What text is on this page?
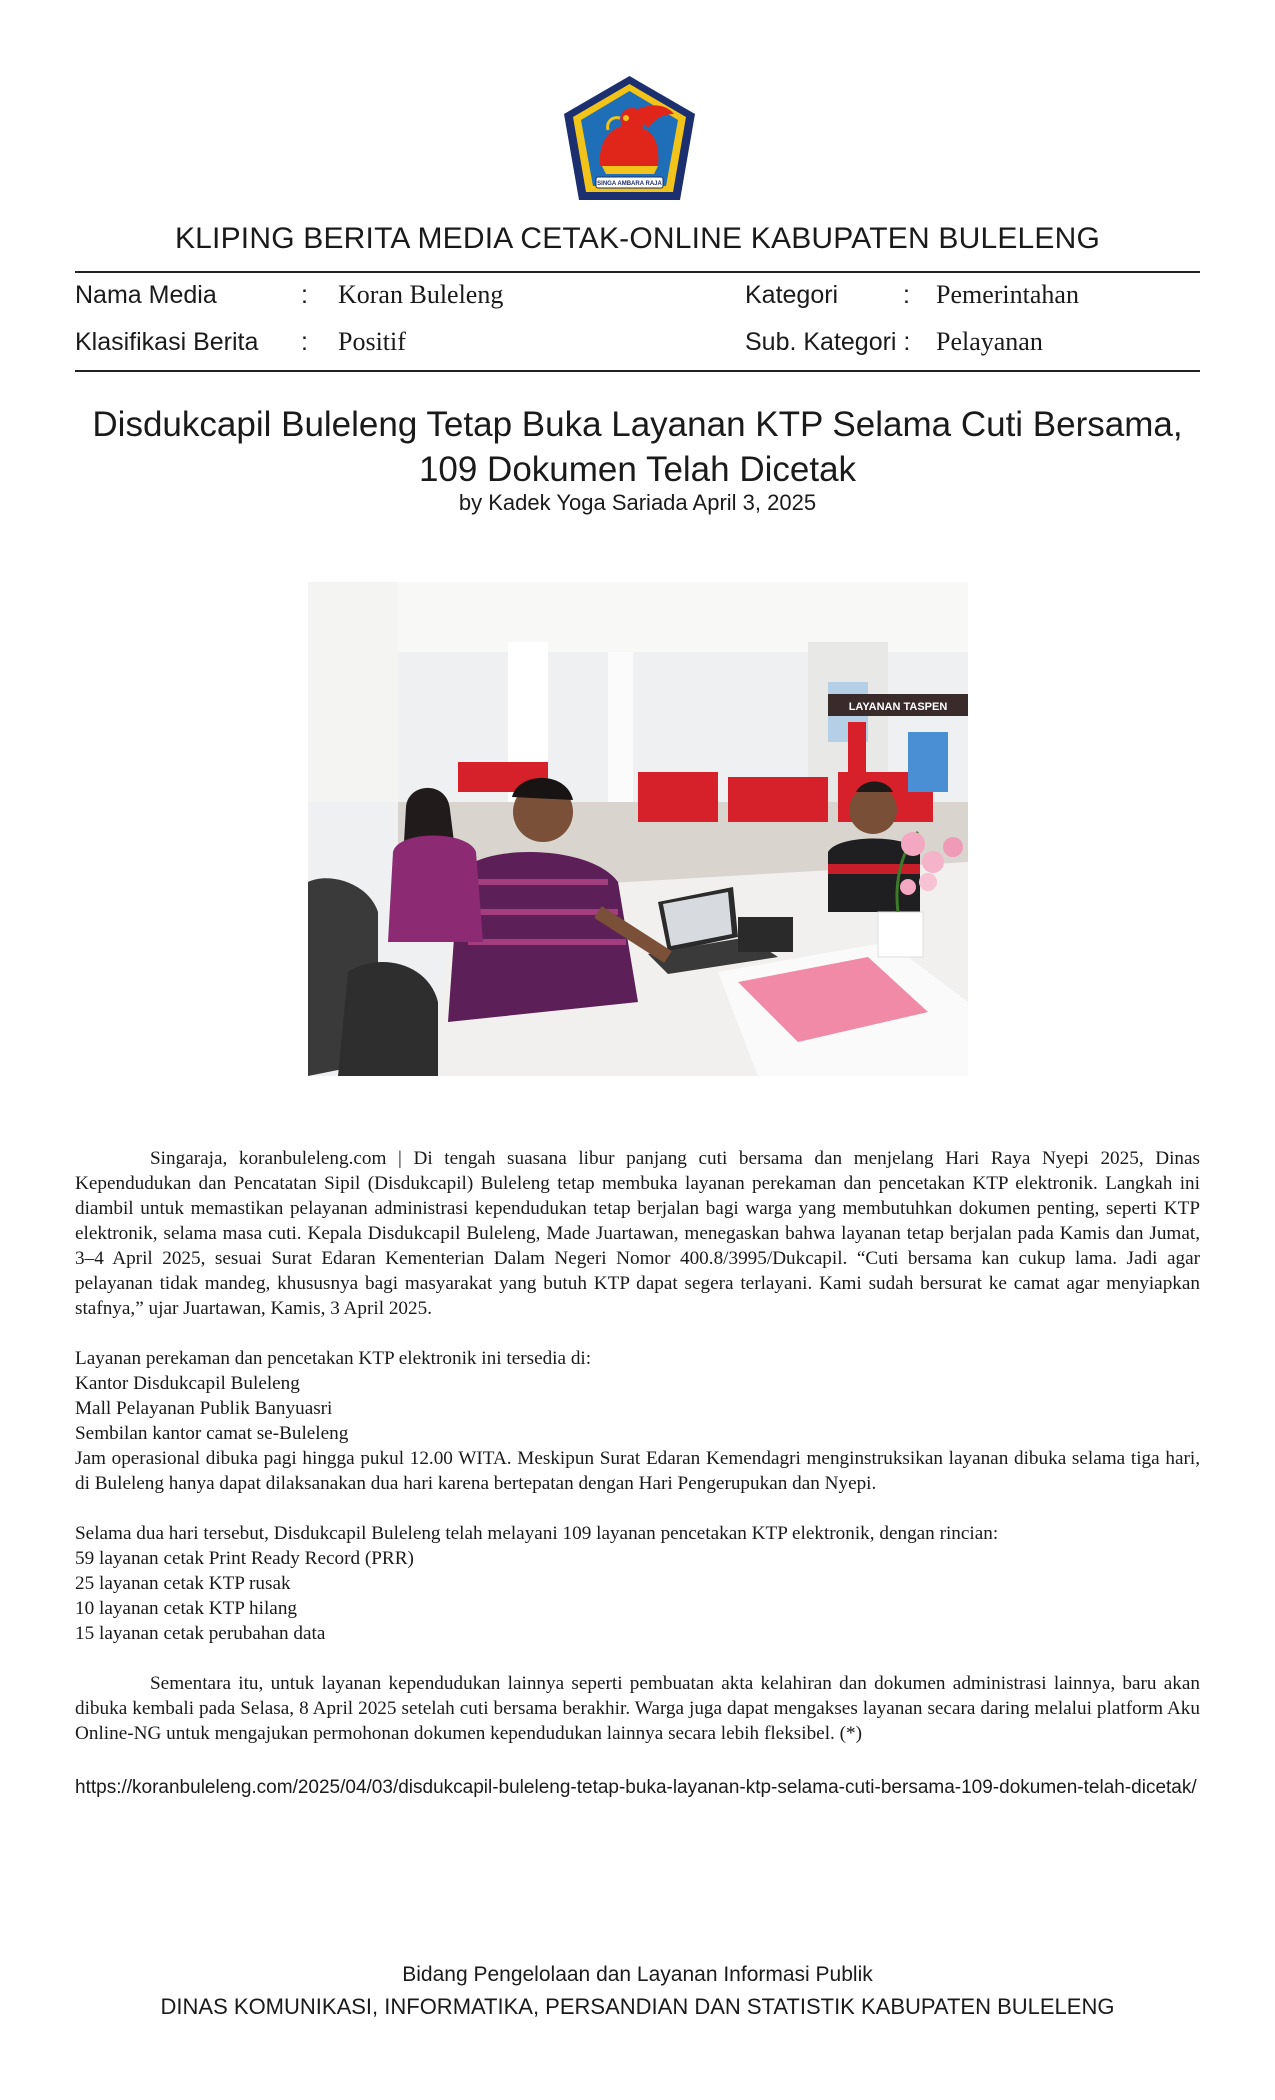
SINGA AMBARA RAJA
KLIPING BERITA MEDIA CETAK-ONLINE KABUPATEN BULELENG
Nama Media	: Koran Buleleng	Kategori	: Pemerintahan
Klasifikasi Berita : Positif	Sub. Kategori : Pelayanan
Disdukcapil Buleleng Tetap Buka Layanan KTP Selama Cuti Bersama,
109 Dokumen Telah Dicetak
by Kadek Yoga Sariada April 3, 2025
LAYANAN TASPEN

Singaraja, koranbuleleng.com | Di tengah suasana libur panjang cuti bersama dan menjelang Hari Raya Nyepi 2025, Dinas Kependudukan dan Pencatatan Sipil (Disdukcapil) Buleleng tetap membuka layanan perekaman dan pencetakan KTP elektronik. Langkah ini diambil untuk memastikan pelayanan administrasi kependudukan tetap berjalan bagi warga yang membutuhkan dokumen penting, seperti KTP elektronik, selama masa cuti. Kepala Disdukcapil Buleleng, Made Juartawan, menegaskan bahwa layanan tetap berjalan pada Kamis dan Jumat, 3–4 April 2025, sesuai Surat Edaran Kementerian Dalam Negeri Nomor 400.8/3995/Dukcapil. “Cuti bersama kan cukup lama. Jadi agar pelayanan tidak mandeg, khususnya bagi masyarakat yang butuh KTP dapat segera terlayani. Kami sudah bersurat ke camat agar menyiapkan stafnya,” ujar Juartawan, Kamis, 3 April 2025.

Layanan perekaman dan pencetakan KTP elektronik ini tersedia di:

Kantor Disdukcapil Buleleng

Mall Pelayanan Publik Banyuasri

Sembilan kantor camat se-Buleleng

Jam operasional dibuka pagi hingga pukul 12.00 WITA. Meskipun Surat Edaran Kemendagri menginstruksikan layanan dibuka selama tiga hari, di Buleleng hanya dapat dilaksanakan dua hari karena bertepatan dengan Hari Pengerupukan dan Nyepi.

Selama dua hari tersebut, Disdukcapil Buleleng telah melayani 109 layanan pencetakan KTP elektronik, dengan rincian:

59 layanan cetak Print Ready Record (PRR)

25 layanan cetak KTP rusak

10 layanan cetak KTP hilang

15 layanan cetak perubahan data

Sementara itu, untuk layanan kependudukan lainnya seperti pembuatan akta kelahiran dan dokumen administrasi lainnya, baru akan dibuka kembali pada Selasa, 8 April 2025 setelah cuti bersama berakhir. Warga juga dapat mengakses layanan secara daring melalui platform Aku Online-NG untuk mengajukan permohonan dokumen kependudukan lainnya secara lebih fleksibel. (*)

https://koranbuleleng.com/2025/04/03/disdukcapil-buleleng-tetap-buka-layanan-ktp-selama-cuti-bersama-109-dokumen-telah-dicetak/
Bidang Pengelolaan dan Layanan Informasi Publik
DINAS KOMUNIKASI, INFORMATIKA, PERSANDIAN DAN STATISTIK KABUPATEN BULELENG
